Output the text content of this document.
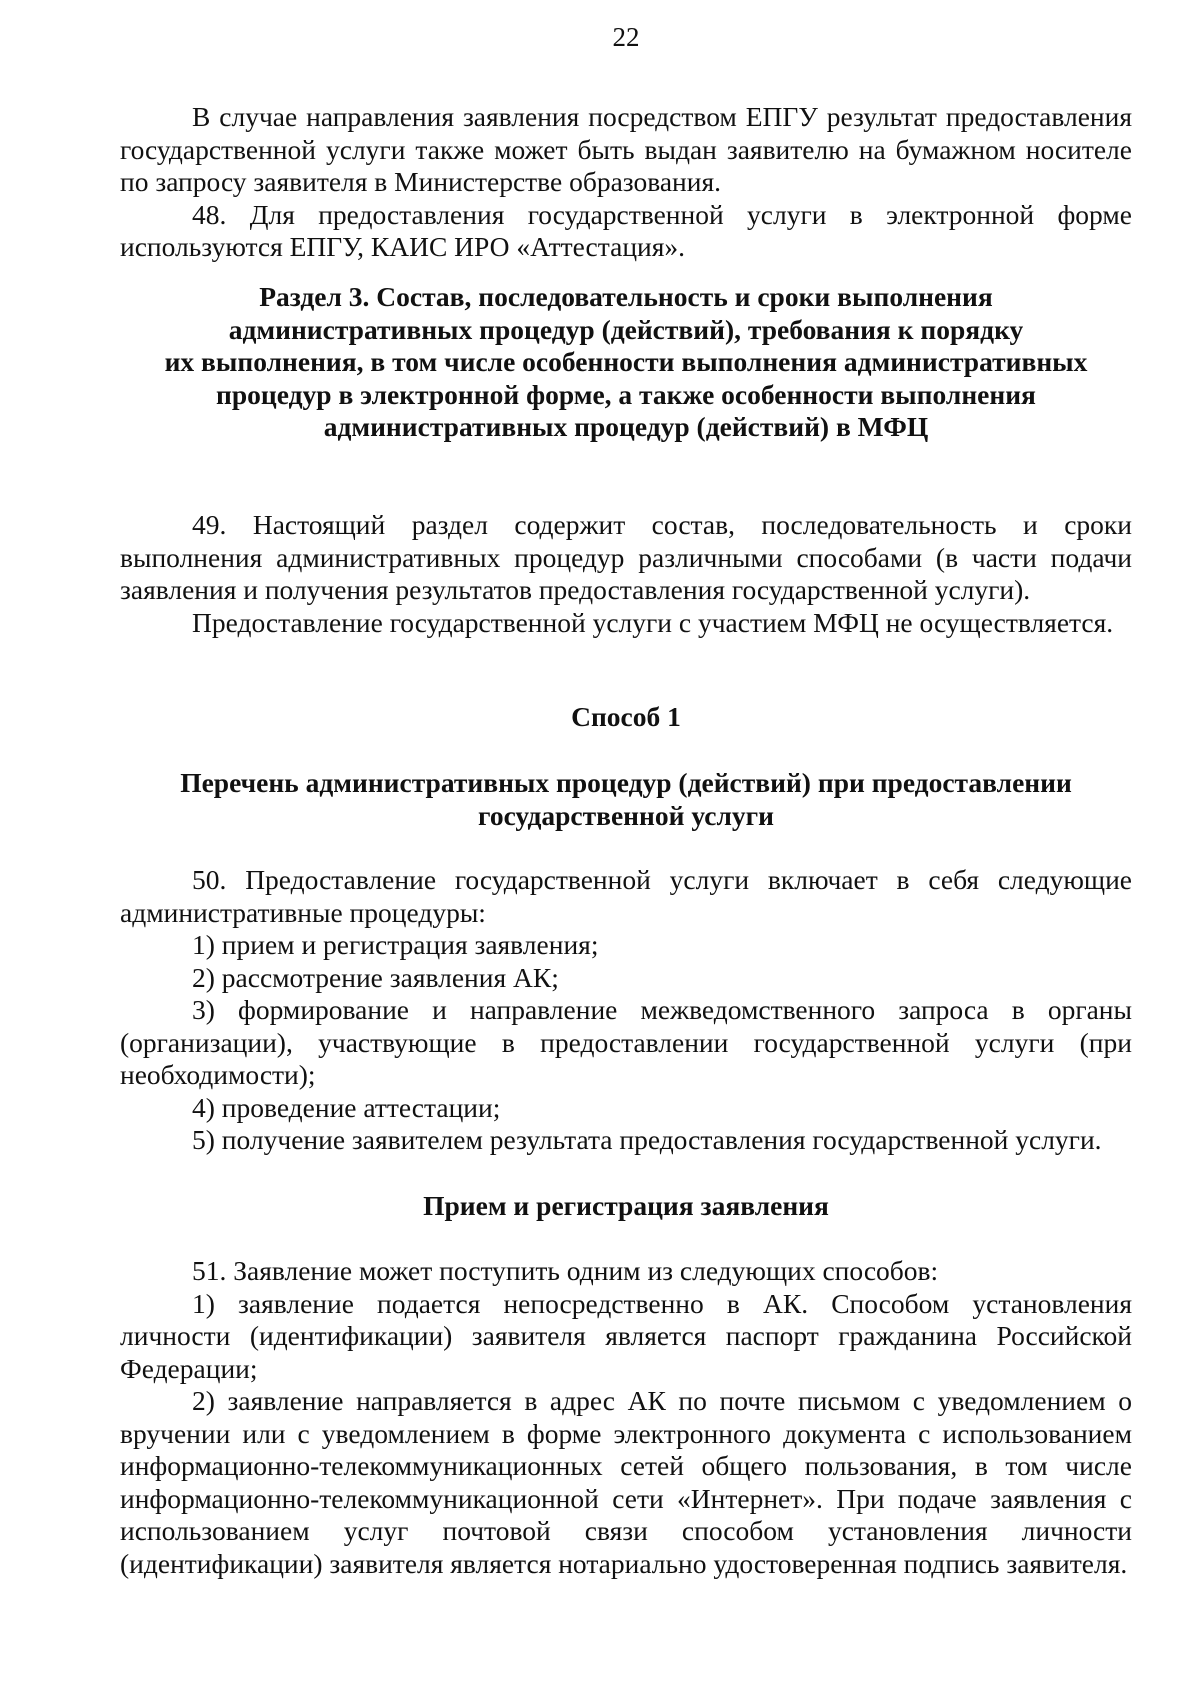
22

В случае направления заявления посредством ЕПГУ результат предоставления государственной услуги также может быть выдан заявителю на бумажном носителе по запросу заявителя в Министерстве образования.

48. Для предоставления государственной услуги в электронной форме используются ЕПГУ, КАИС ИРО «Аттестация».

Раздел 3. Состав, последовательность и сроки выполнения

административных процедур (действий), требования к порядку

их выполнения, в том числе особенности выполнения административных

процедур в электронной форме, а также особенности выполнения

административных процедур (действий) в МФЦ

49. Настоящий раздел содержит состав, последовательность и сроки выполнения административных процедур различными способами (в части подачи заявления и получения результатов предоставления государственной услуги).

Предоставление государственной услуги с участием МФЦ не осуществляется.

Способ 1

Перечень административных процедур (действий) при предоставлении

государственной услуги

50. Предоставление государственной услуги включает в себя следующие административные процедуры:

1) прием и регистрация заявления;

2) рассмотрение заявления АК;

3) формирование и направление межведомственного запроса в органы (организации), участвующие в предоставлении государственной услуги (при необходимости);

4) проведение аттестации;

5) получение заявителем результата предоставления государственной услуги.

Прием и регистрация заявления

51. Заявление может поступить одним из следующих способов:

1) заявление подается непосредственно в АК. Способом установления личности (идентификации) заявителя является паспорт гражданина Российской Федерации;

2) заявление направляется в адрес АК по почте письмом с уведомлением о вручении или с уведомлением в форме электронного документа с использованием информационно-телекоммуникационных сетей общего пользования, в том числе информационно-телекоммуникационной сети «Интернет». При подаче заявления с использованием услуг почтовой связи способом установления личности (идентификации) заявителя является нотариально удостоверенная подпись заявителя.
